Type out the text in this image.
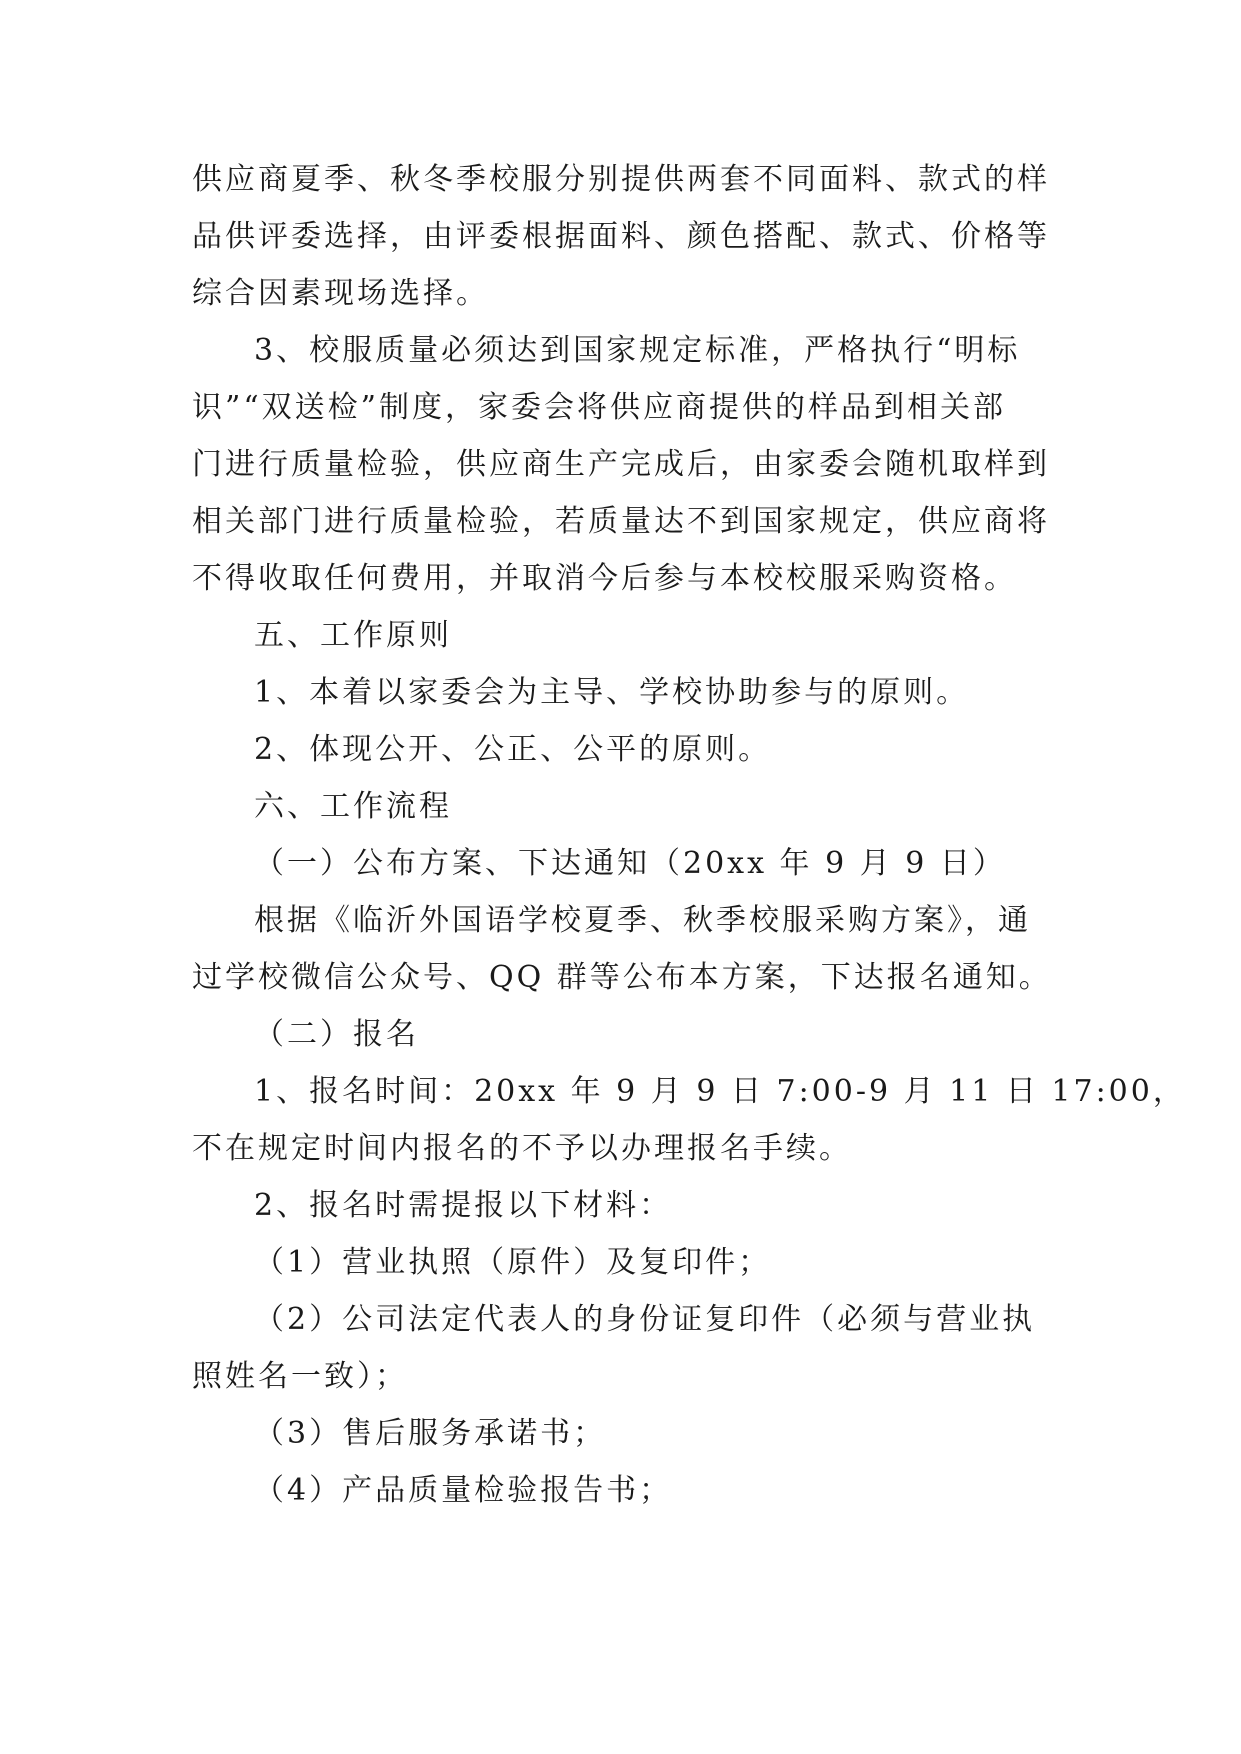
供应商夏季、秋冬季校服分别提供两套不同面料、款式的样
品供评委选择，由评委根据面料、颜色搭配、款式、价格等
综合因素现场选择。
3、校服质量必须达到国家规定标准，严格执行“明标
识”“双送检”制度，家委会将供应商提供的样品到相关部
门进行质量检验，供应商生产完成后，由家委会随机取样到
相关部门进行质量检验，若质量达不到国家规定，供应商将
不得收取任何费用，并取消今后参与本校校服采购资格。
五、工作原则
1、本着以家委会为主导、学校协助参与的原则。
2、体现公开、公正、公平的原则。
六、工作流程
（一）公布方案、下达通知（20xx 年 9 月 9 日）
根据《临沂外国语学校夏季、秋季校服采购方案》，通
过学校微信公众号、QQ 群等公布本方案，下达报名通知。
（二）报名
1、报名时间：20xx 年 9 月 9 日 7:00-9 月 11 日 17:00，
不在规定时间内报名的不予以办理报名手续。
2、报名时需提报以下材料：
（1）营业执照（原件）及复印件；
（2）公司法定代表人的身份证复印件（必须与营业执
照姓名一致）；
（3）售后服务承诺书；
（4）产品质量检验报告书；
